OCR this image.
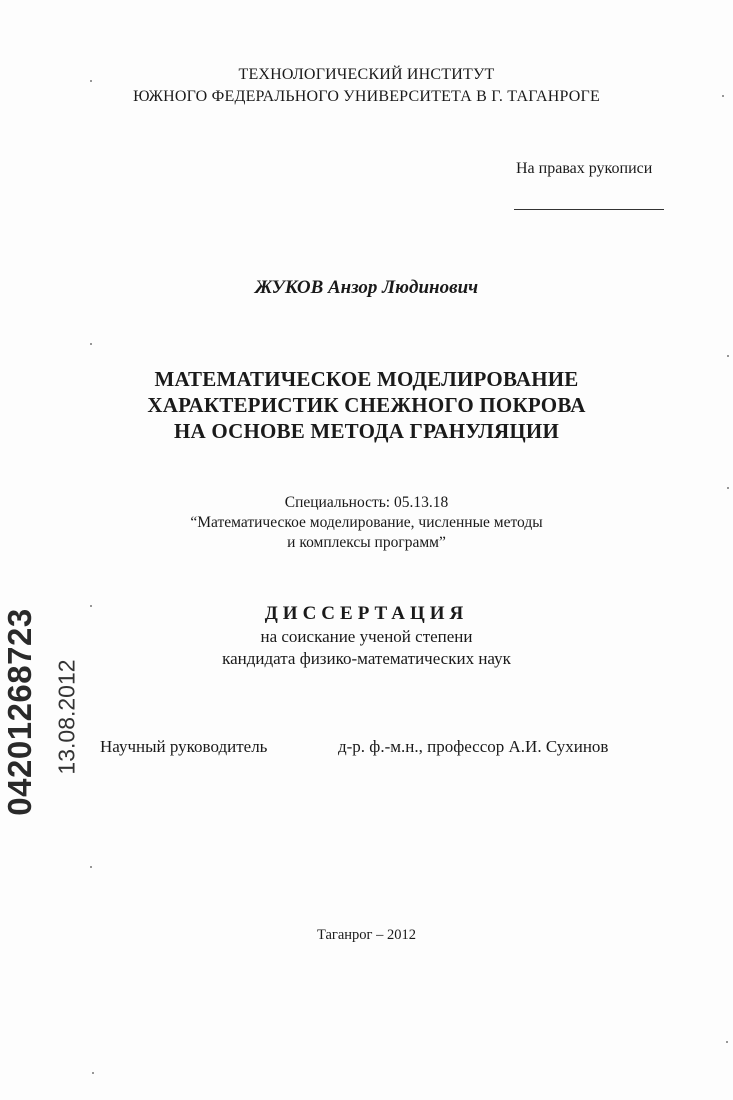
ТЕХНОЛОГИЧЕСКИЙ ИНСТИТУТ
ЮЖНОГО ФЕДЕРАЛЬНОГО УНИВЕРСИТЕТА В Г. ТАГАНРОГЕ
На правах рукописи
ЖУКОВ Анзор Людинович
МАТЕМАТИЧЕСКОЕ МОДЕЛИРОВАНИЕ
ХАРАКТЕРИСТИК СНЕЖНОГО ПОКРОВА
НА ОСНОВЕ МЕТОДА ГРАНУЛЯЦИИ
Специальность: 05.13.18
“Математическое моделирование, численные методы
и комплексы программ”
ДИССЕРТАЦИЯ
на соискание ученой степени
кандидата физико-математических наук
Научный руководитель	д-р. ф.-м.н., профессор А.И. Сухинов
Таганрог – 2012
04201268723 13.08.2012
